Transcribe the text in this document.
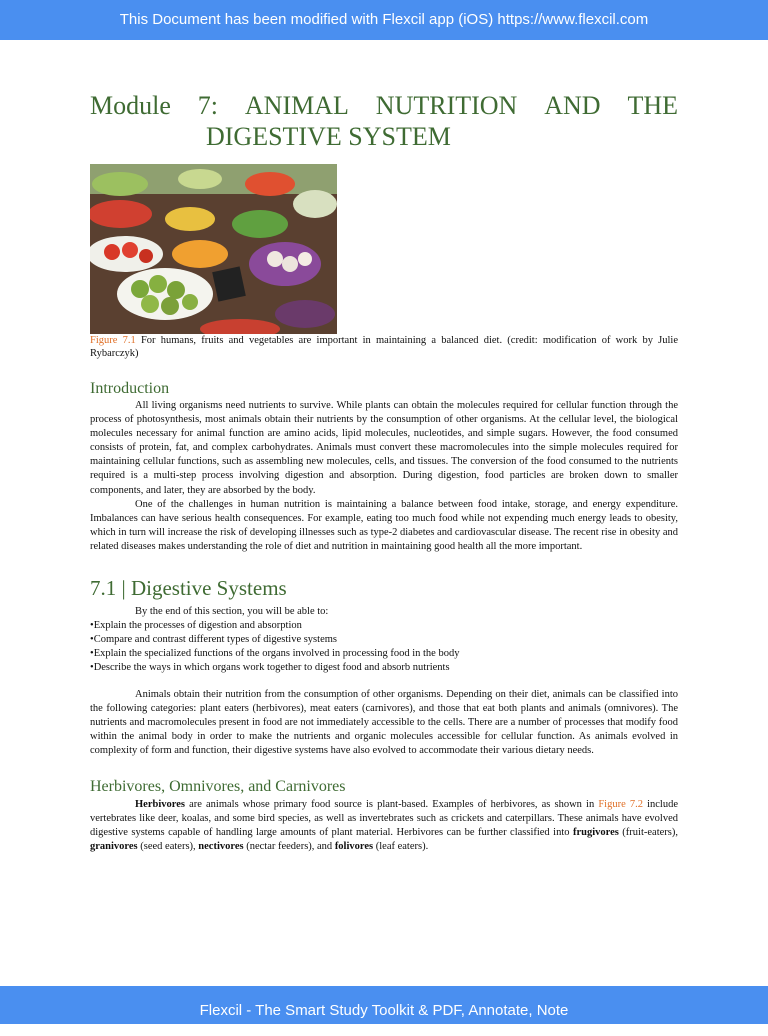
This Document has been modified with Flexcil app (iOS) https://www.flexcil.com
Module 7: ANIMAL NUTRITION AND THE
DIGESTIVE SYSTEM
Figure 7.1 For humans, fruits and vegetables are important in maintaining a balanced diet. (credit: modification of work by Julie Rybarczyk)
Introduction

All living organisms need nutrients to survive. While plants can obtain the molecules required for cellular function through the process of photosynthesis, most animals obtain their nutrients by the consumption of other organisms. At the cellular level, the biological molecules necessary for animal function are amino acids, lipid molecules, nucleotides, and simple sugars. However, the food consumed consists of protein, fat, and complex carbohydrates. Animals must convert these macromolecules into the simple molecules required for maintaining cellular functions, such as assembling new molecules, cells, and tissues. The conversion of the food consumed to the nutrients required is a multi-step process involving digestion and absorption. During digestion, food particles are broken down to smaller components, and later, they are absorbed by the body.

One of the challenges in human nutrition is maintaining a balance between food intake, storage, and energy expenditure. Imbalances can have serious health consequences. For example, eating too much food while not expending much energy leads to obesity, which in turn will increase the risk of developing illnesses such as type-2 diabetes and cardiovascular disease. The recent rise in obesity and related diseases makes understanding the role of diet and nutrition in maintaining good health all the more important.

7.1 | Digestive Systems

By the end of this section, you will be able to:

• Explain the processes of digestion and absorption
• Compare and contrast different types of digestive systems
• Explain the specialized functions of the organs involved in processing food in the body
• Describe the ways in which organs work together to digest food and absorb nutrients

Animals obtain their nutrition from the consumption of other organisms. Depending on their diet, animals can be classified into the following categories: plant eaters (herbivores), meat eaters (carnivores), and those that eat both plants and animals (omnivores). The nutrients and macromolecules present in food are not immediately accessible to the cells. There are a number of processes that modify food within the animal body in order to make the nutrients and organic molecules accessible for cellular function. As animals evolved in complexity of form and function, their digestive systems have also evolved to accommodate their various dietary needs.

Herbivores, Omnivores, and Carnivores

Herbivores are animals whose primary food source is plant-based. Examples of herbivores, as shown in Figure 7.2 include vertebrates like deer, koalas, and some bird species, as well as invertebrates such as crickets and caterpillars. These animals have evolved digestive systems capable of handling large amounts of plant material. Herbivores can be further classified into frugivores (fruit-eaters), granivores (seed eaters), nectivores (nectar feeders), and folivores (leaf eaters).

Flexcil - The Smart Study Toolkit & PDF, Annotate, Note
